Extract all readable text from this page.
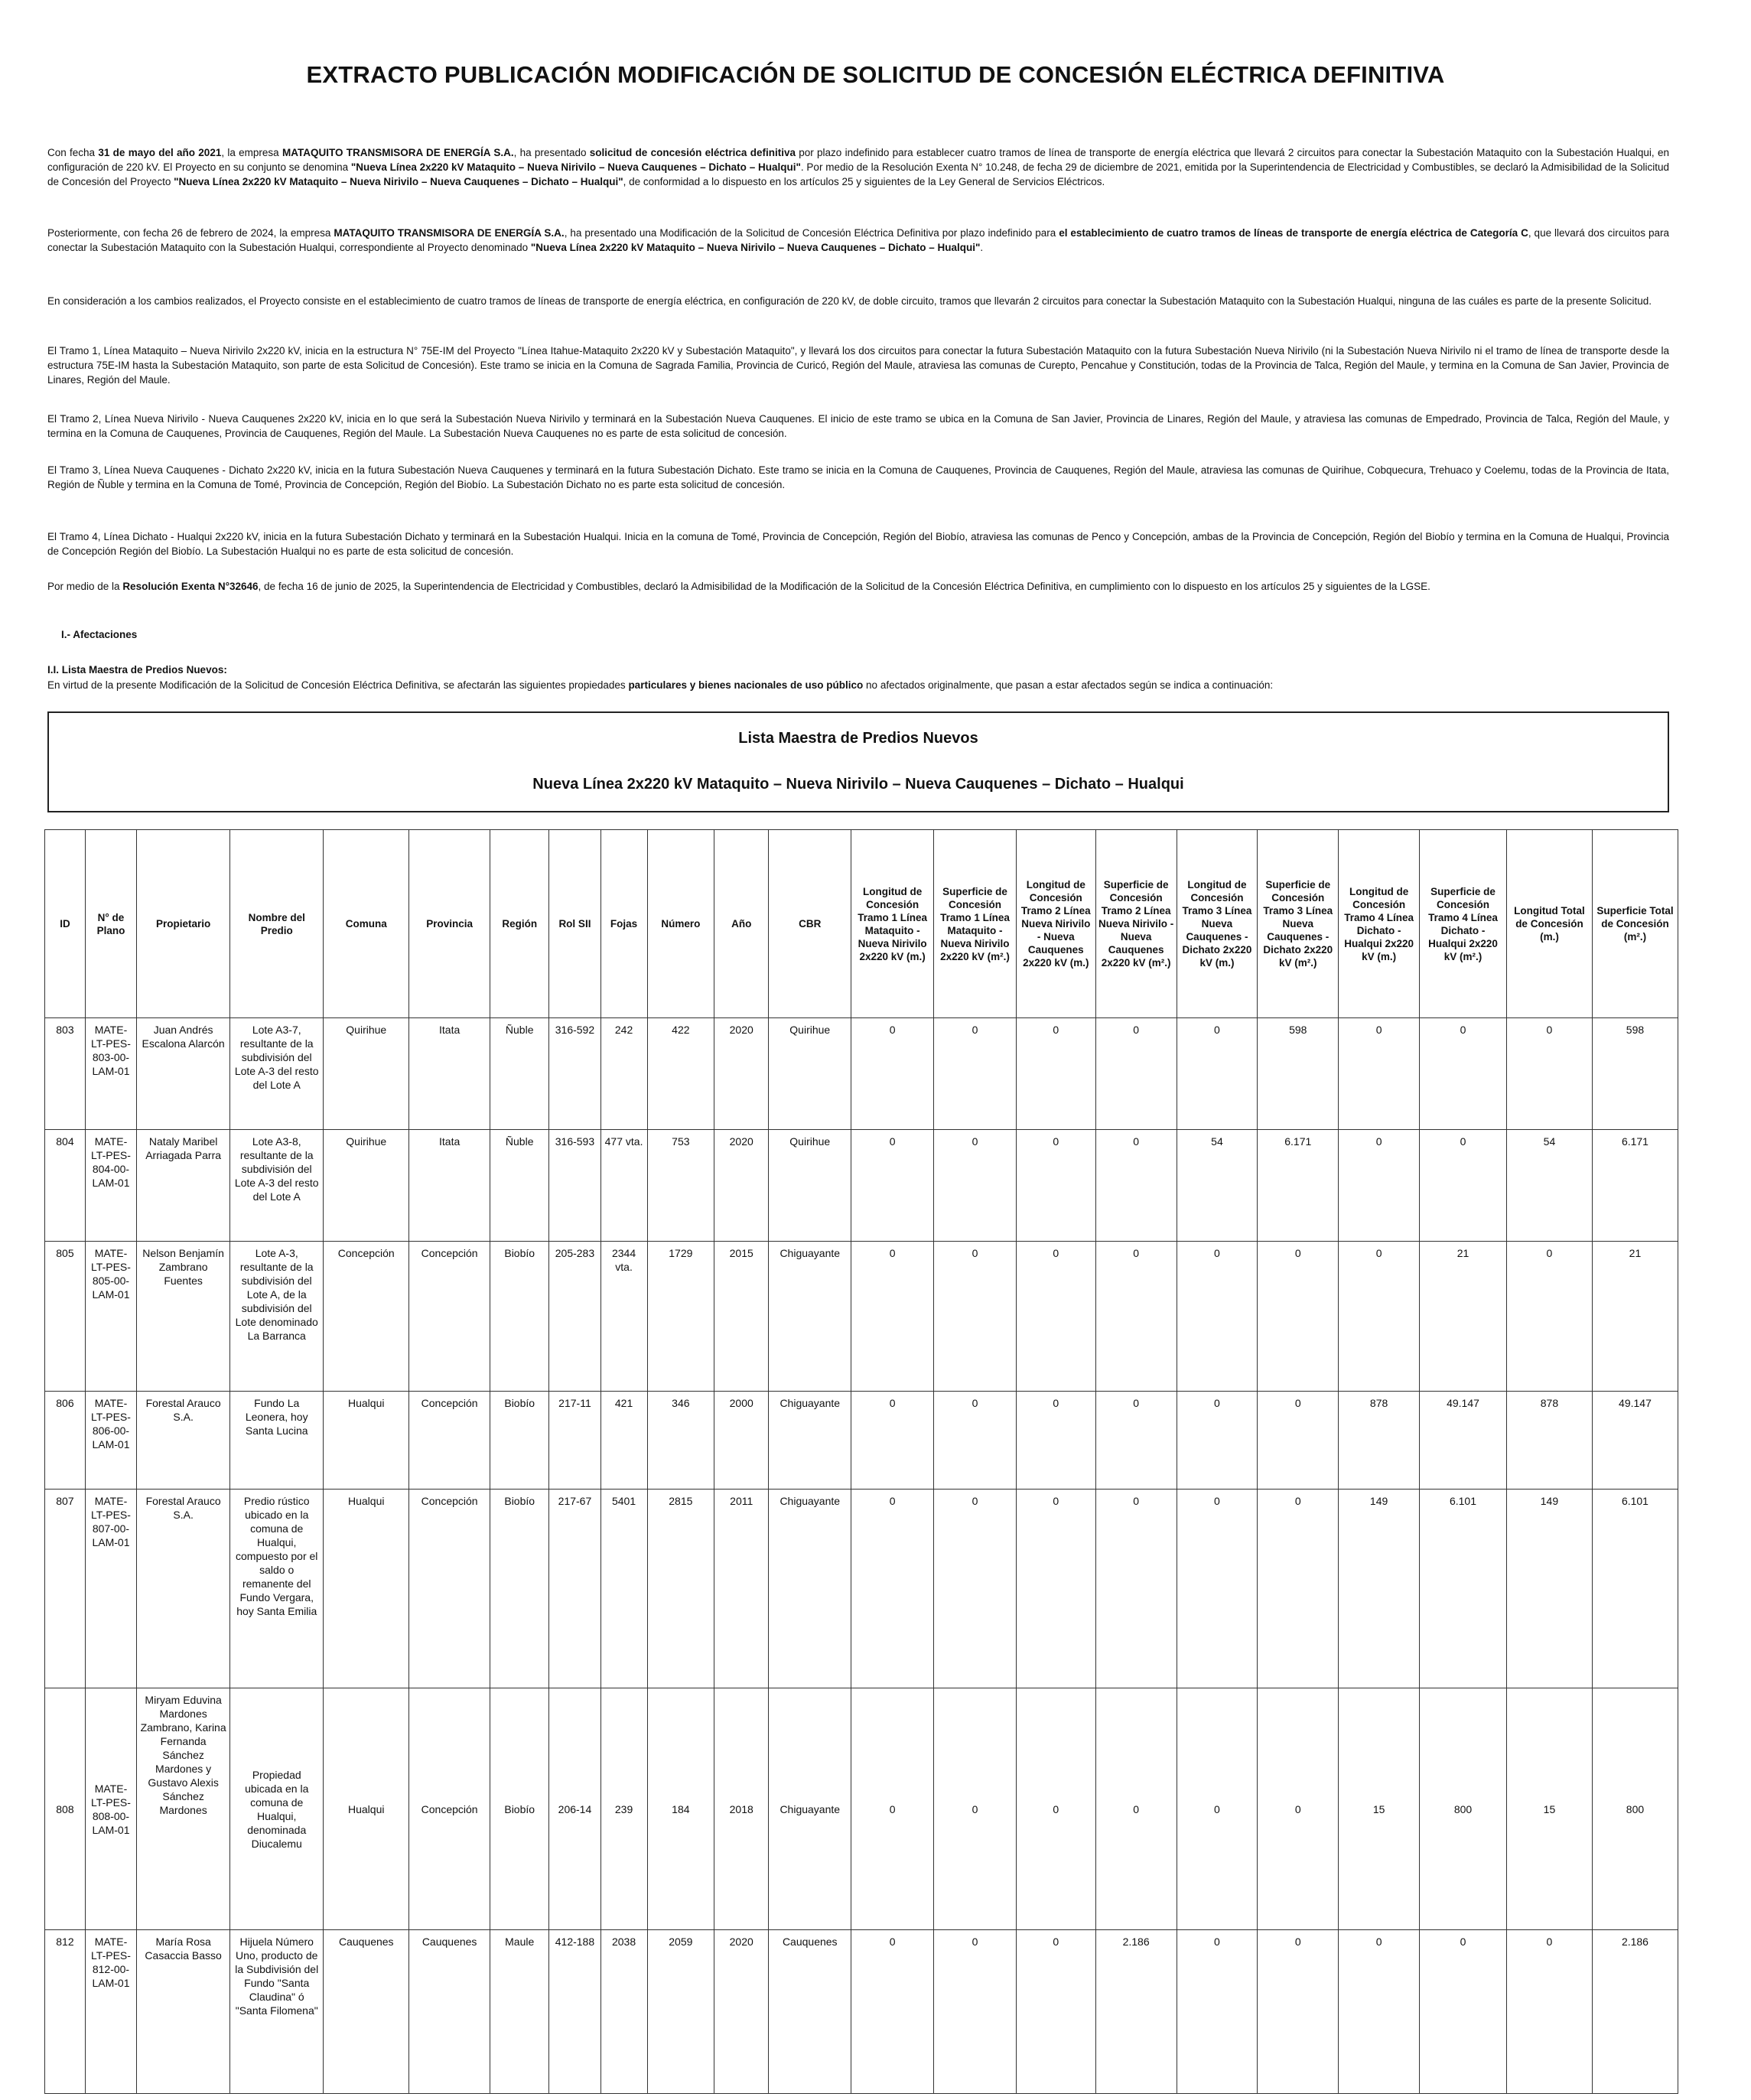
EXTRACTO PUBLICACIÓN MODIFICACIÓN DE SOLICITUD DE CONCESIÓN ELÉCTRICA DEFINITIVA

Con fecha 31 de mayo del año 2021, la empresa MATAQUITO TRANSMISORA DE ENERGÍA S.A., ha presentado solicitud de concesión eléctrica definitiva por plazo indefinido para establecer cuatro tramos de línea de transporte de energía eléctrica que llevará 2 circuitos para conectar la Subestación Mataquito con la Subestación Hualqui, en configuración de 220 kV. El Proyecto en su conjunto se denomina "Nueva Línea 2x220 kV Mataquito – Nueva Nirivilo – Nueva Cauquenes – Dichato – Hualqui". Por medio de la Resolución Exenta N° 10.248, de fecha 29 de diciembre de 2021, emitida por la Superintendencia de Electricidad y Combustibles, se declaró la Admisibilidad de la Solicitud de Concesión del Proyecto "Nueva Línea 2x220 kV Mataquito – Nueva Nirivilo – Nueva Cauquenes – Dichato – Hualqui", de conformidad a lo dispuesto en los artículos 25 y siguientes de la Ley General de Servicios Eléctricos.

Posteriormente, con fecha 26 de febrero de 2024, la empresa MATAQUITO TRANSMISORA DE ENERGÍA S.A., ha presentado una Modificación de la Solicitud de Concesión Eléctrica Definitiva por plazo indefinido para el establecimiento de cuatro tramos de líneas de transporte de energía eléctrica de Categoría C, que llevará dos circuitos para conectar la Subestación Mataquito con la Subestación Hualqui, correspondiente al Proyecto denominado "Nueva Línea 2x220 kV Mataquito – Nueva Nirivilo – Nueva Cauquenes – Dichato – Hualqui".

En consideración a los cambios realizados, el Proyecto consiste en el establecimiento de cuatro tramos de líneas de transporte de energía eléctrica, en configuración de 220 kV, de doble circuito, tramos que llevarán 2 circuitos para conectar la Subestación Mataquito con la Subestación Hualqui, ninguna de las cuáles es parte de la presente Solicitud.

El Tramo 1, Línea Mataquito – Nueva Nirivilo 2x220 kV, inicia en la estructura N° 75E-IM del Proyecto "Línea Itahue-Mataquito 2x220 kV y Subestación Mataquito", y llevará los dos circuitos para conectar la futura Subestación Mataquito con la futura Subestación Nueva Nirivilo (ni la Subestación Nueva Nirivilo ni el tramo de línea de transporte desde la estructura 75E-IM hasta la Subestación Mataquito, son parte de esta Solicitud de Concesión). Este tramo se inicia en la Comuna de Sagrada Familia, Provincia de Curicó, Región del Maule, atraviesa las comunas de Curepto, Pencahue y Constitución, todas de la Provincia de Talca, Región del Maule, y termina en la Comuna de San Javier, Provincia de Linares, Región del Maule.

El Tramo 2, Línea Nueva Nirivilo - Nueva Cauquenes 2x220 kV, inicia en lo que será la Subestación Nueva Nirivilo y terminará en la Subestación Nueva Cauquenes. El inicio de este tramo se ubica en la Comuna de San Javier, Provincia de Linares, Región del Maule, y atraviesa las comunas de Empedrado, Provincia de Talca, Región del Maule, y termina en la Comuna de Cauquenes, Provincia de Cauquenes, Región del Maule. La Subestación Nueva Cauquenes no es parte de esta solicitud de concesión.

El Tramo 3, Línea Nueva Cauquenes - Dichato 2x220 kV, inicia en la futura Subestación Nueva Cauquenes y terminará en la futura Subestación Dichato. Este tramo se inicia en la Comuna de Cauquenes, Provincia de Cauquenes, Región del Maule, atraviesa las comunas de Quirihue, Cobquecura, Trehuaco y Coelemu, todas de la Provincia de Itata, Región de Ñuble y termina en la Comuna de Tomé, Provincia de Concepción, Región del Biobío. La Subestación Dichato no es parte esta solicitud de concesión.

El Tramo 4, Línea Dichato - Hualqui 2x220 kV, inicia en la futura Subestación Dichato y terminará en la Subestación Hualqui. Inicia en la comuna de Tomé, Provincia de Concepción, Región del Biobío, atraviesa las comunas de Penco y Concepción, ambas de la Provincia de Concepción, Región del Biobío y termina en la Comuna de Hualqui, Provincia de Concepción Región del Biobío. La Subestación Hualqui no es parte de esta solicitud de concesión.

Por medio de la Resolución Exenta N°32646, de fecha 16 de junio de 2025, la Superintendencia de Electricidad y Combustibles, declaró la Admisibilidad de la Modificación de la Solicitud de la Concesión Eléctrica Definitiva, en cumplimiento con lo dispuesto en los artículos 25 y siguientes de la LGSE.

I.- Afectaciones
I.I. Lista Maestra de Predios Nuevos:

En virtud de la presente Modificación de la Solicitud de Concesión Eléctrica Definitiva, se afectarán las siguientes propiedades particulares y bienes nacionales de uso público no afectados originalmente, que pasan a estar afectados según se indica a continuación:

Lista Maestra de Predios Nuevos
Nueva Línea 2x220 kV Mataquito – Nueva Nirivilo – Nueva Cauquenes – Dichato – Hualqui
ID	N° de Plano	Propietario	Nombre del Predio	Comuna	Provincia	Región	Rol SII	Fojas	Número	Año	CBR	Longitud de Concesión Tramo 1 Línea Mataquito - Nueva Nirivilo 2x220 kV (m.)	Superficie de Concesión Tramo 1 Línea Mataquito - Nueva Nirivilo 2x220 kV (m².)	Longitud de Concesión Tramo 2 Línea Nueva Nirivilo - Nueva Cauquenes 2x220 kV (m.)	Superficie de Concesión Tramo 2 Línea Nueva Nirivilo - Nueva Cauquenes 2x220 kV (m².)	Longitud de Concesión Tramo 3 Línea Nueva Cauquenes - Dichato 2x220 kV (m.)	Superficie de Concesión Tramo 3 Línea Nueva Cauquenes - Dichato 2x220 kV (m².)	Longitud de Concesión Tramo 4 Línea Dichato - Hualqui 2x220 kV (m.)	Superficie de Concesión Tramo 4 Línea Dichato - Hualqui 2x220 kV (m².)	Longitud Total de Concesión (m.)	Superficie Total de Concesión (m².)
803	MATE-LT-PES-803-00-LAM-01	Juan Andrés Escalona Alarcón	Lote A3-7, resultante de la subdivisión del Lote A-3 del resto del Lote A	Quirihue	Itata	Ñuble	316-592	242	422	2020	Quirihue	0	0	0	0	0	598	0	0	0	598
804	MATE-LT-PES-804-00-LAM-01	Nataly Maribel Arriagada Parra	Lote A3-8, resultante de la subdivisión del Lote A-3 del resto del Lote A	Quirihue	Itata	Ñuble	316-593	477 vta.	753	2020	Quirihue	0	0	0	0	54	6.171	0	0	54	6.171
805	MATE-LT-PES-805-00-LAM-01	Nelson Benjamín Zambrano Fuentes	Lote A-3, resultante de la subdivisión del Lote A, de la subdivisión del Lote denominado La Barranca	Concepción	Concepción	Biobío	205-283	2344 vta.	1729	2015	Chiguayante	0	0	0	0	0	0	0	21	0	21
806	MATE-LT-PES-806-00-LAM-01	Forestal Arauco S.A.	Fundo La Leonera, hoy Santa Lucina	Hualqui	Concepción	Biobío	217-11	421	346	2000	Chiguayante	0	0	0	0	0	0	878	49.147	878	49.147
807	MATE-LT-PES-807-00-LAM-01	Forestal Arauco S.A.	Predio rústico ubicado en la comuna de Hualqui, compuesto por el saldo o remanente del Fundo Vergara, hoy Santa Emilia	Hualqui	Concepción	Biobío	217-67	5401	2815	2011	Chiguayante	0	0	0	0	0	0	149	6.101	149	6.101
808	MATE-LT-PES-808-00-LAM-01	Miryam Eduvina Mardones Zambrano, Karina Fernanda Sánchez Mardones y Gustavo Alexis Sánchez Mardones	Propiedad ubicada en la comuna de Hualqui, denominada Diucalemu	Hualqui	Concepción	Biobío	206-14	239	184	2018	Chiguayante	0	0	0	0	0	0	15	800	15	800
812	MATE-LT-PES-812-00-LAM-01	María Rosa Casaccia Basso	Hijuela Número Uno, producto de la Subdivisión del Fundo "Santa Claudina" ó "Santa Filomena"	Cauquenes	Cauquenes	Maule	412-188	2038	2059	2020	Cauquenes	0	0	0	2.186	0	0	0	0	0	2.186
